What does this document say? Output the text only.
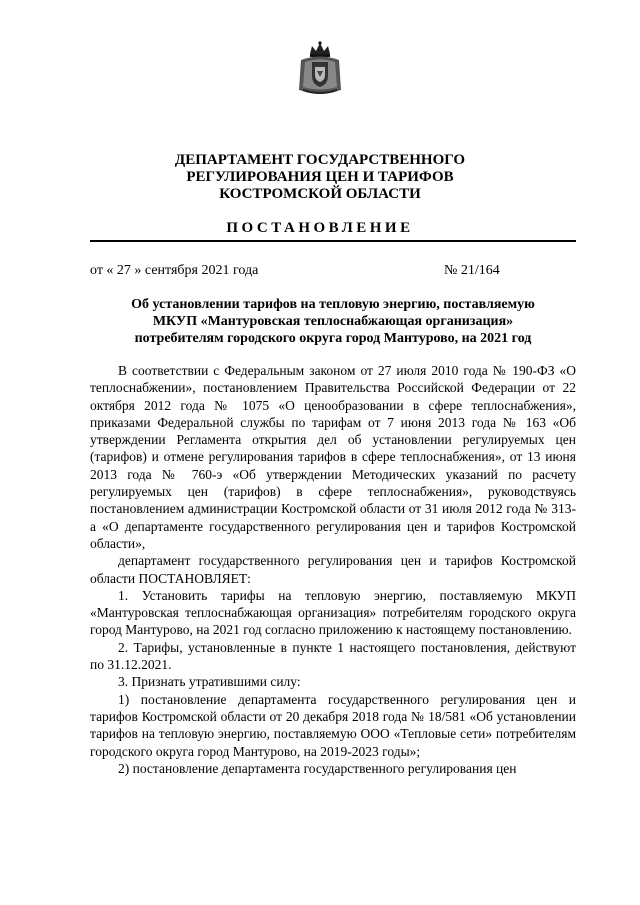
ДЕПАРТАМЕНТ ГОСУДАРСТВЕННОГО
РЕГУЛИРОВАНИЯ ЦЕН И ТАРИФОВ
КОСТРОМСКОЙ ОБЛАСТИ
ПОСТАНОВЛЕНИЕ
от « 27 » сентября 2021 года	№ 21/164
Об установлении тарифов на тепловую энергию, поставляемую
МКУП «Мантуровская теплоснабжающая организация»
потребителям городского округа город Мантурово, на 2021 год

В соответствии с Федеральным законом от 27 июля 2010 года № 190-ФЗ «О теплоснабжении», постановлением Правительства Российской Федерации от 22 октября 2012 года № 1075 «О ценообразовании в сфере теплоснабжения», приказами Федеральной службы по тарифам от 7 июня 2013 года № 163 «Об утверждении Регламента открытия дел об установлении регулируемых цен (тарифов) и отмене регулирования тарифов в сфере теплоснабжения», от 13 июня 2013 года № 760-э «Об утверждении Методических указаний по расчету регулируемых цен (тарифов) в сфере теплоснабжения», руководствуясь постановлением администрации Костромской области от 31 июля 2012 года № 313-а «О департаменте государственного регулирования цен и тарифов Костромской области»,

департамент государственного регулирования цен и тарифов Костромской области ПОСТАНОВЛЯЕТ:

1. Установить тарифы на тепловую энергию, поставляемую МКУП «Мантуровская теплоснабжающая организация» потребителям городского округа город Мантурово, на 2021 год согласно приложению к настоящему постановлению.

2. Тарифы, установленные в пункте 1 настоящего постановления, действуют по 31.12.2021.

3. Признать утратившими силу:

1) постановление департамента государственного регулирования цен и тарифов Костромской области от 20 декабря 2018 года № 18/581 «Об установлении тарифов на тепловую энергию, поставляемую ООО «Тепловые сети» потребителям городского округа город Мантурово, на 2019-2023 годы»;

2) постановление департамента государственного регулирования цен
